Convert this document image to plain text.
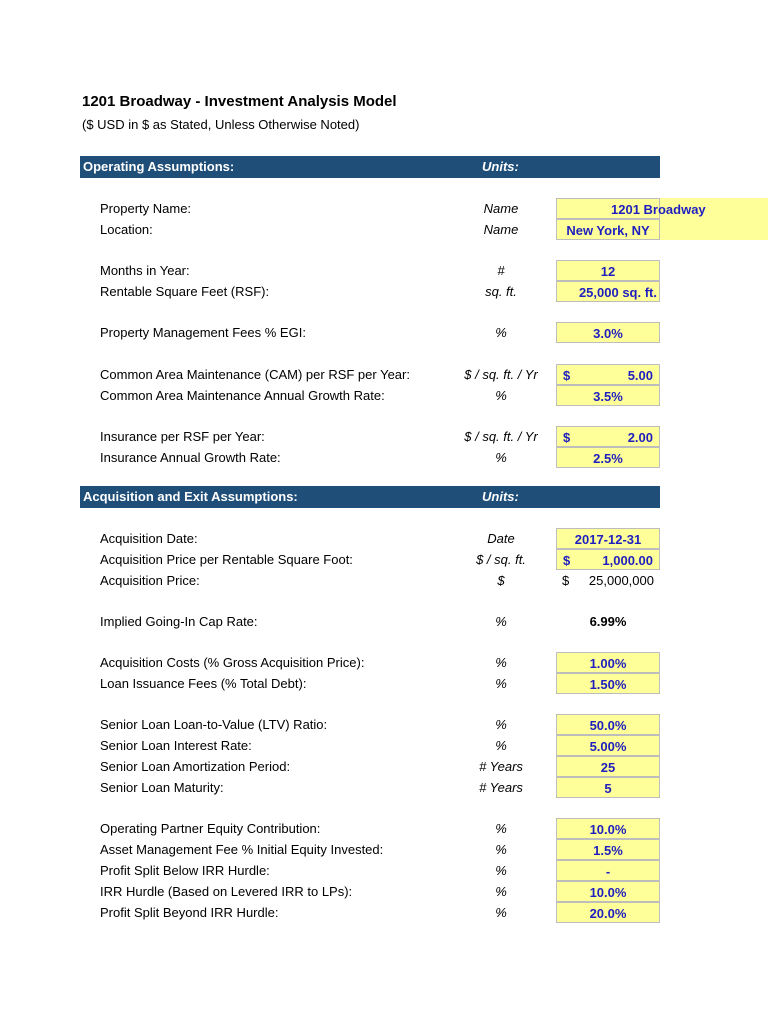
1201 Broadway - Investment Analysis Model
($ USD in $ as Stated, Unless Otherwise Noted)
Operating Assumptions:	Units:
Property Name:	Name	1201 Broadway
Location:	Name	New York, NY
Months in Year:	#	12
Rentable Square Feet (RSF):	sq. ft.	25,000 sq. ft.
Property Management Fees % EGI:	%	3.0%
Common Area Maintenance (CAM) per RSF per Year:	$ / sq. ft. / Yr	$	5.00
Common Area Maintenance Annual Growth Rate:	%	3.5%
Insurance per RSF per Year:	$ / sq. ft. / Yr	$	2.00
Insurance Annual Growth Rate:	%	2.5%
Acquisition and Exit Assumptions:	Units:
Acquisition Date:	Date	2017-12-31
Acquisition Price per Rentable Square Foot:	$ / sq. ft.	$ 1,000.00
Acquisition Price:	$	$ 25,000,000
Implied Going-In Cap Rate:	%	6.99%
Acquisition Costs (% Gross Acquisition Price):	%	1.00%
Loan Issuance Fees (% Total Debt):	%	1.50%
Senior Loan Loan-to-Value (LTV) Ratio:	%	50.0%
Senior Loan Interest Rate:	%	5.00%
Senior Loan Amortization Period:	# Years	25
Senior Loan Maturity:	# Years	5
Operating Partner Equity Contribution:	%	10.0%
Asset Management Fee % Initial Equity Invested:	%	1.5%
Profit Split Below IRR Hurdle:	%	-
IRR Hurdle (Based on Levered IRR to LPs):	%	10.0%
Profit Split Beyond IRR Hurdle:	%	20.0%
